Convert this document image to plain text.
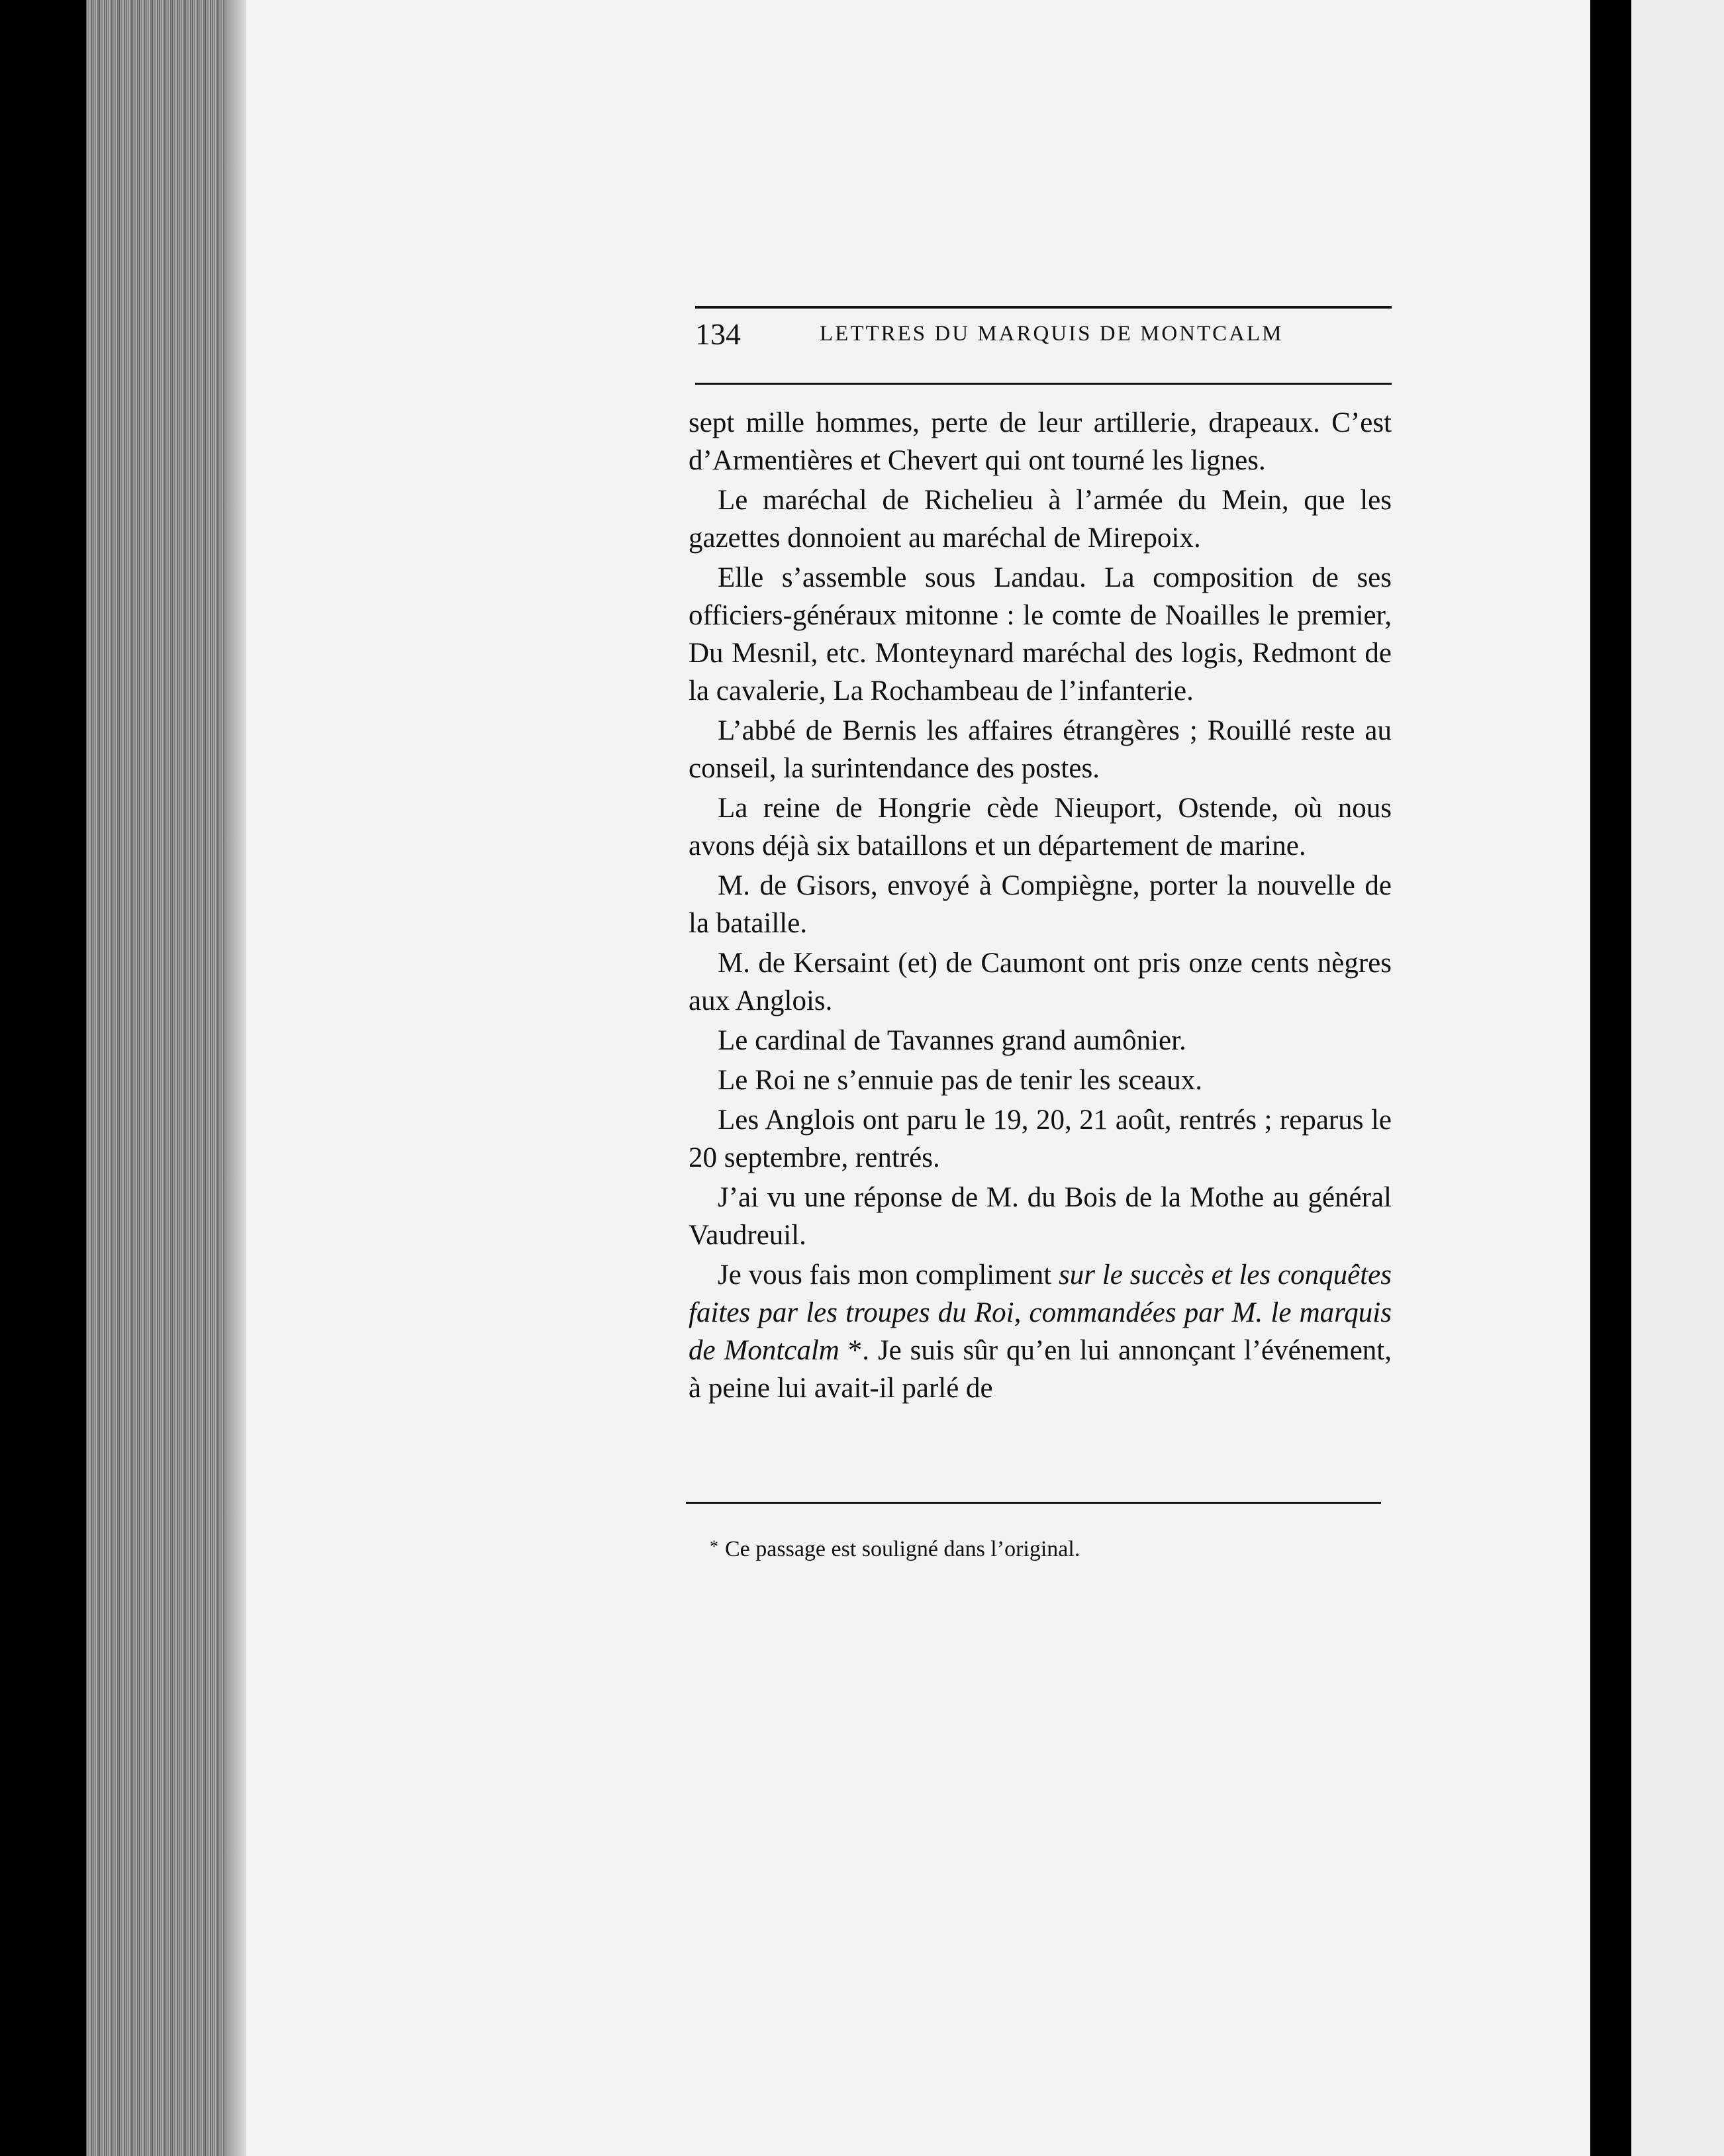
134	LETTRES DU MARQUIS DE MONTCALM

sept mille hommes, perte de leur artillerie, drapeaux. C’est d’Armentières et Chevert qui ont tourné les lignes.

Le maréchal de Richelieu à l’armée du Mein, que les gazettes donnoient au maréchal de Mirepoix.

Elle s’assemble sous Landau. La composition de ses officiers-généraux mitonne : le comte de Noailles le premier, Du Mesnil, etc. Monteynard maréchal des logis, Redmont de la cavalerie, La Rochambeau de l’infanterie.

L’abbé de Bernis les affaires étrangères ; Rouillé reste au conseil, la surintendance des postes.

La reine de Hongrie cède Nieuport, Ostende, où nous avons déjà six bataillons et un département de marine.

M. de Gisors, envoyé à Compiègne, porter la nouvelle de la bataille.

M. de Kersaint (et) de Caumont ont pris onze cents nègres aux Anglois.

Le cardinal de Tavannes grand aumônier.

Le Roi ne s’ennuie pas de tenir les sceaux.

Les Anglois ont paru le 19, 20, 21 août, rentrés ; reparus le 20 septembre, rentrés.

J’ai vu une réponse de M. du Bois de la Mothe au général Vaudreuil.

Je vous fais mon compliment sur le succès et les conquêtes faites par les troupes du Roi, commandées par M. le marquis de Montcalm *. Je suis sûr qu’en lui annonçant l’événement, à peine lui avait-il parlé de

* Ce passage est souligné dans l’original.
